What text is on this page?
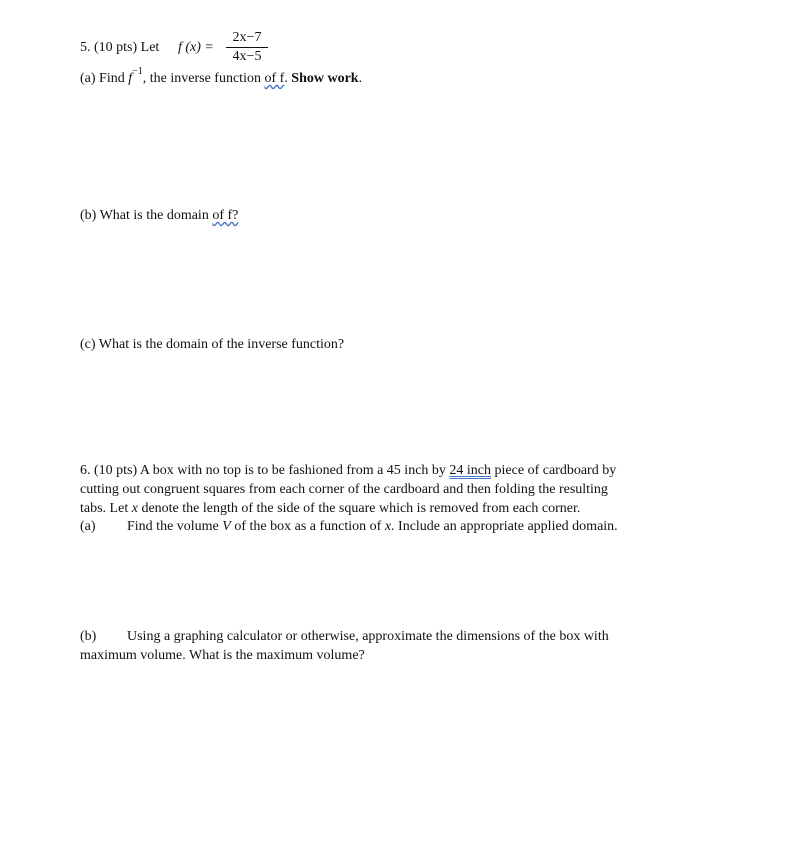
5. (10 pts) Let f (x) =
2x−7
4x−5
(a) Find $f^{-1}$, the inverse function of f. Show work.
(b) What is the domain of f?
(c) What is the domain of the inverse function?
6. (10 pts) A box with no top is to be fashioned from a 45 inch by 24 inch piece of cardboard by
cutting out congruent squares from each corner of the cardboard and then folding the resulting
tabs. Let x denote the length of the side of the square which is removed from each corner.
(a) Find the volume V of the box as a function of x. Include an appropriate applied domain.
(b) Using a graphing calculator or otherwise, approximate the dimensions of the box with
maximum volume. What is the maximum volume?
